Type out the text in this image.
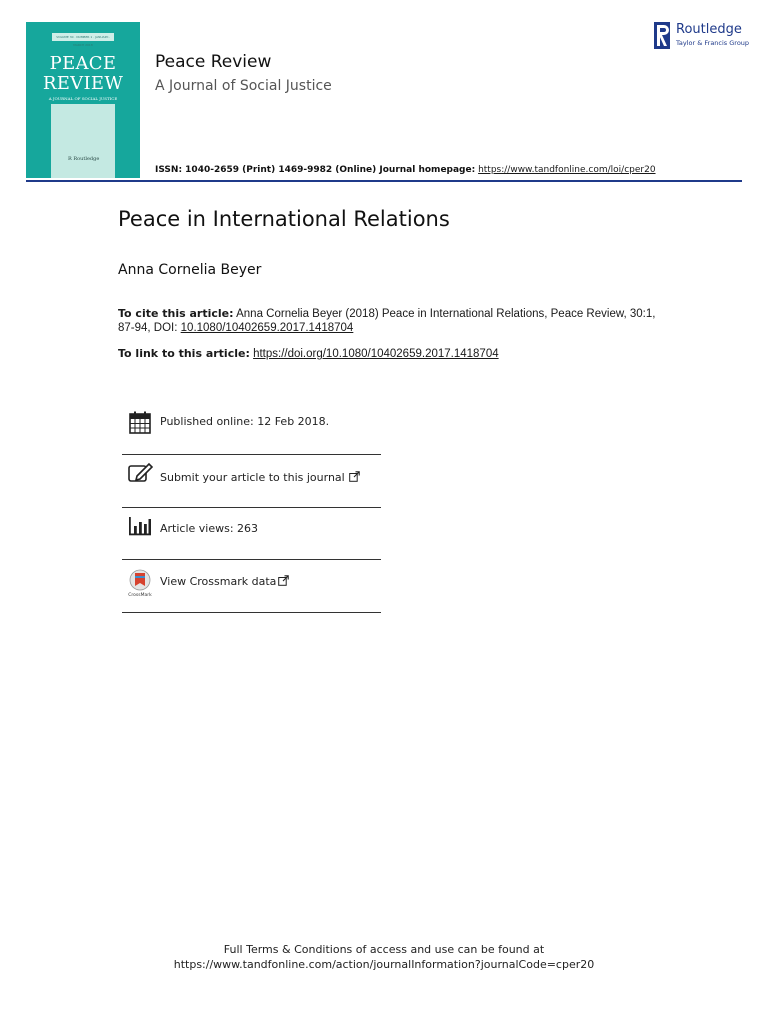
VOLUME 30 · NUMBER 1 · JANUARY–MARCH 2018
PEACE
REVIEW
A JOURNAL OF SOCIAL JUSTICE
R Routledge
Peace Review
A Journal of Social Justice
ISSN: 1040-2659 (Print) 1469-9982 (Online) Journal homepage: https://www.tandfonline.com/loi/cper20
Routledge
Taylor & Francis Group
Peace in International Relations
Anna Cornelia Beyer
To cite this article: Anna Cornelia Beyer (2018) Peace in International Relations, Peace Review, 30:1, 87-94, DOI: 10.1080/10402659.2017.1418704
To link to this article: https://doi.org/10.1080/10402659.2017.1418704
Published online: 12 Feb 2018.
Submit your article to this journal
Article views: 263
CrossMark
View Crossmark data
Full Terms & Conditions of access and use can be found at
https://www.tandfonline.com/action/journalInformation?journalCode=cper20
